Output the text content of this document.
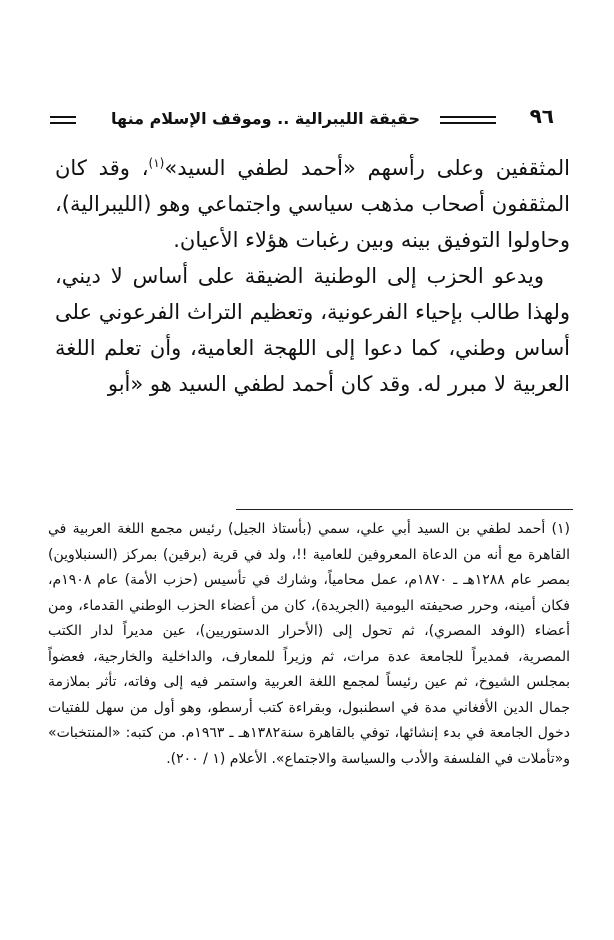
٩٦
حقيقة الليبرالية .. وموقف الإسلام منها

المثقفين وعلى رأسهم «أحمد لطفي السيد»$^{(١)}$، وقد كان المثقفون أصحاب مذهب سياسي واجتماعي وهو (الليبرالية)، وحاولوا التوفيق بينه وبين رغبات هؤلاء الأعيان.

ويدعو الحزب إلى الوطنية الضيقة على أساس لا ديني، ولهذا طالب بإحياء الفرعونية، وتعظيم التراث الفرعوني على أساس وطني، كما دعوا إلى اللهجة العامية، وأن تعلم اللغة العربية لا مبرر له. وقد كان أحمد لطفي السيد هو «أبو

(١) أحمد لطفي بن السيد أبي علي، سمي (بأستاذ الجيل) رئيس مجمع اللغة العربية في القاهرة مع أنه من الدعاة المعروفين للعامية !!، ولد في قرية (برقين) بمركز (السنبلاوين) بمصر عام ١٢٨٨هـ ـ ١٨٧٠م، عمل محامياً، وشارك في تأسيس (حزب الأمة) عام ١٩٠٨م، فكان أمينه، وحرر صحيفته اليومية (الجريدة)، كان من أعضاء الحزب الوطني القدماء، ومن أعضاء (الوفد المصري)، ثم تحول إلى (الأحرار الدستوريين)، عين مديراً لدار الكتب المصرية، فمديراً للجامعة عدة مرات، ثم وزيراً للمعارف، والداخلية والخارجية، فعضواً بمجلس الشيوخ، ثم عين رئيساً لمجمع اللغة العربية واستمر فيه إلى وفاته، تأثر بملازمة جمال الدين الأفغاني مدة في اسطنبول، وبقراءة كتب أرسطو، وهو أول من سهل للفتيات دخول الجامعة في بدء إنشائها، توفي بالقاهرة سنة١٣٨٢هـ ـ ١٩٦٣م. من كتبه: «المنتخبات» و«تأملات في الفلسفة والأدب والسياسة والاجتماع». الأعلام (١ / ٢٠٠).
